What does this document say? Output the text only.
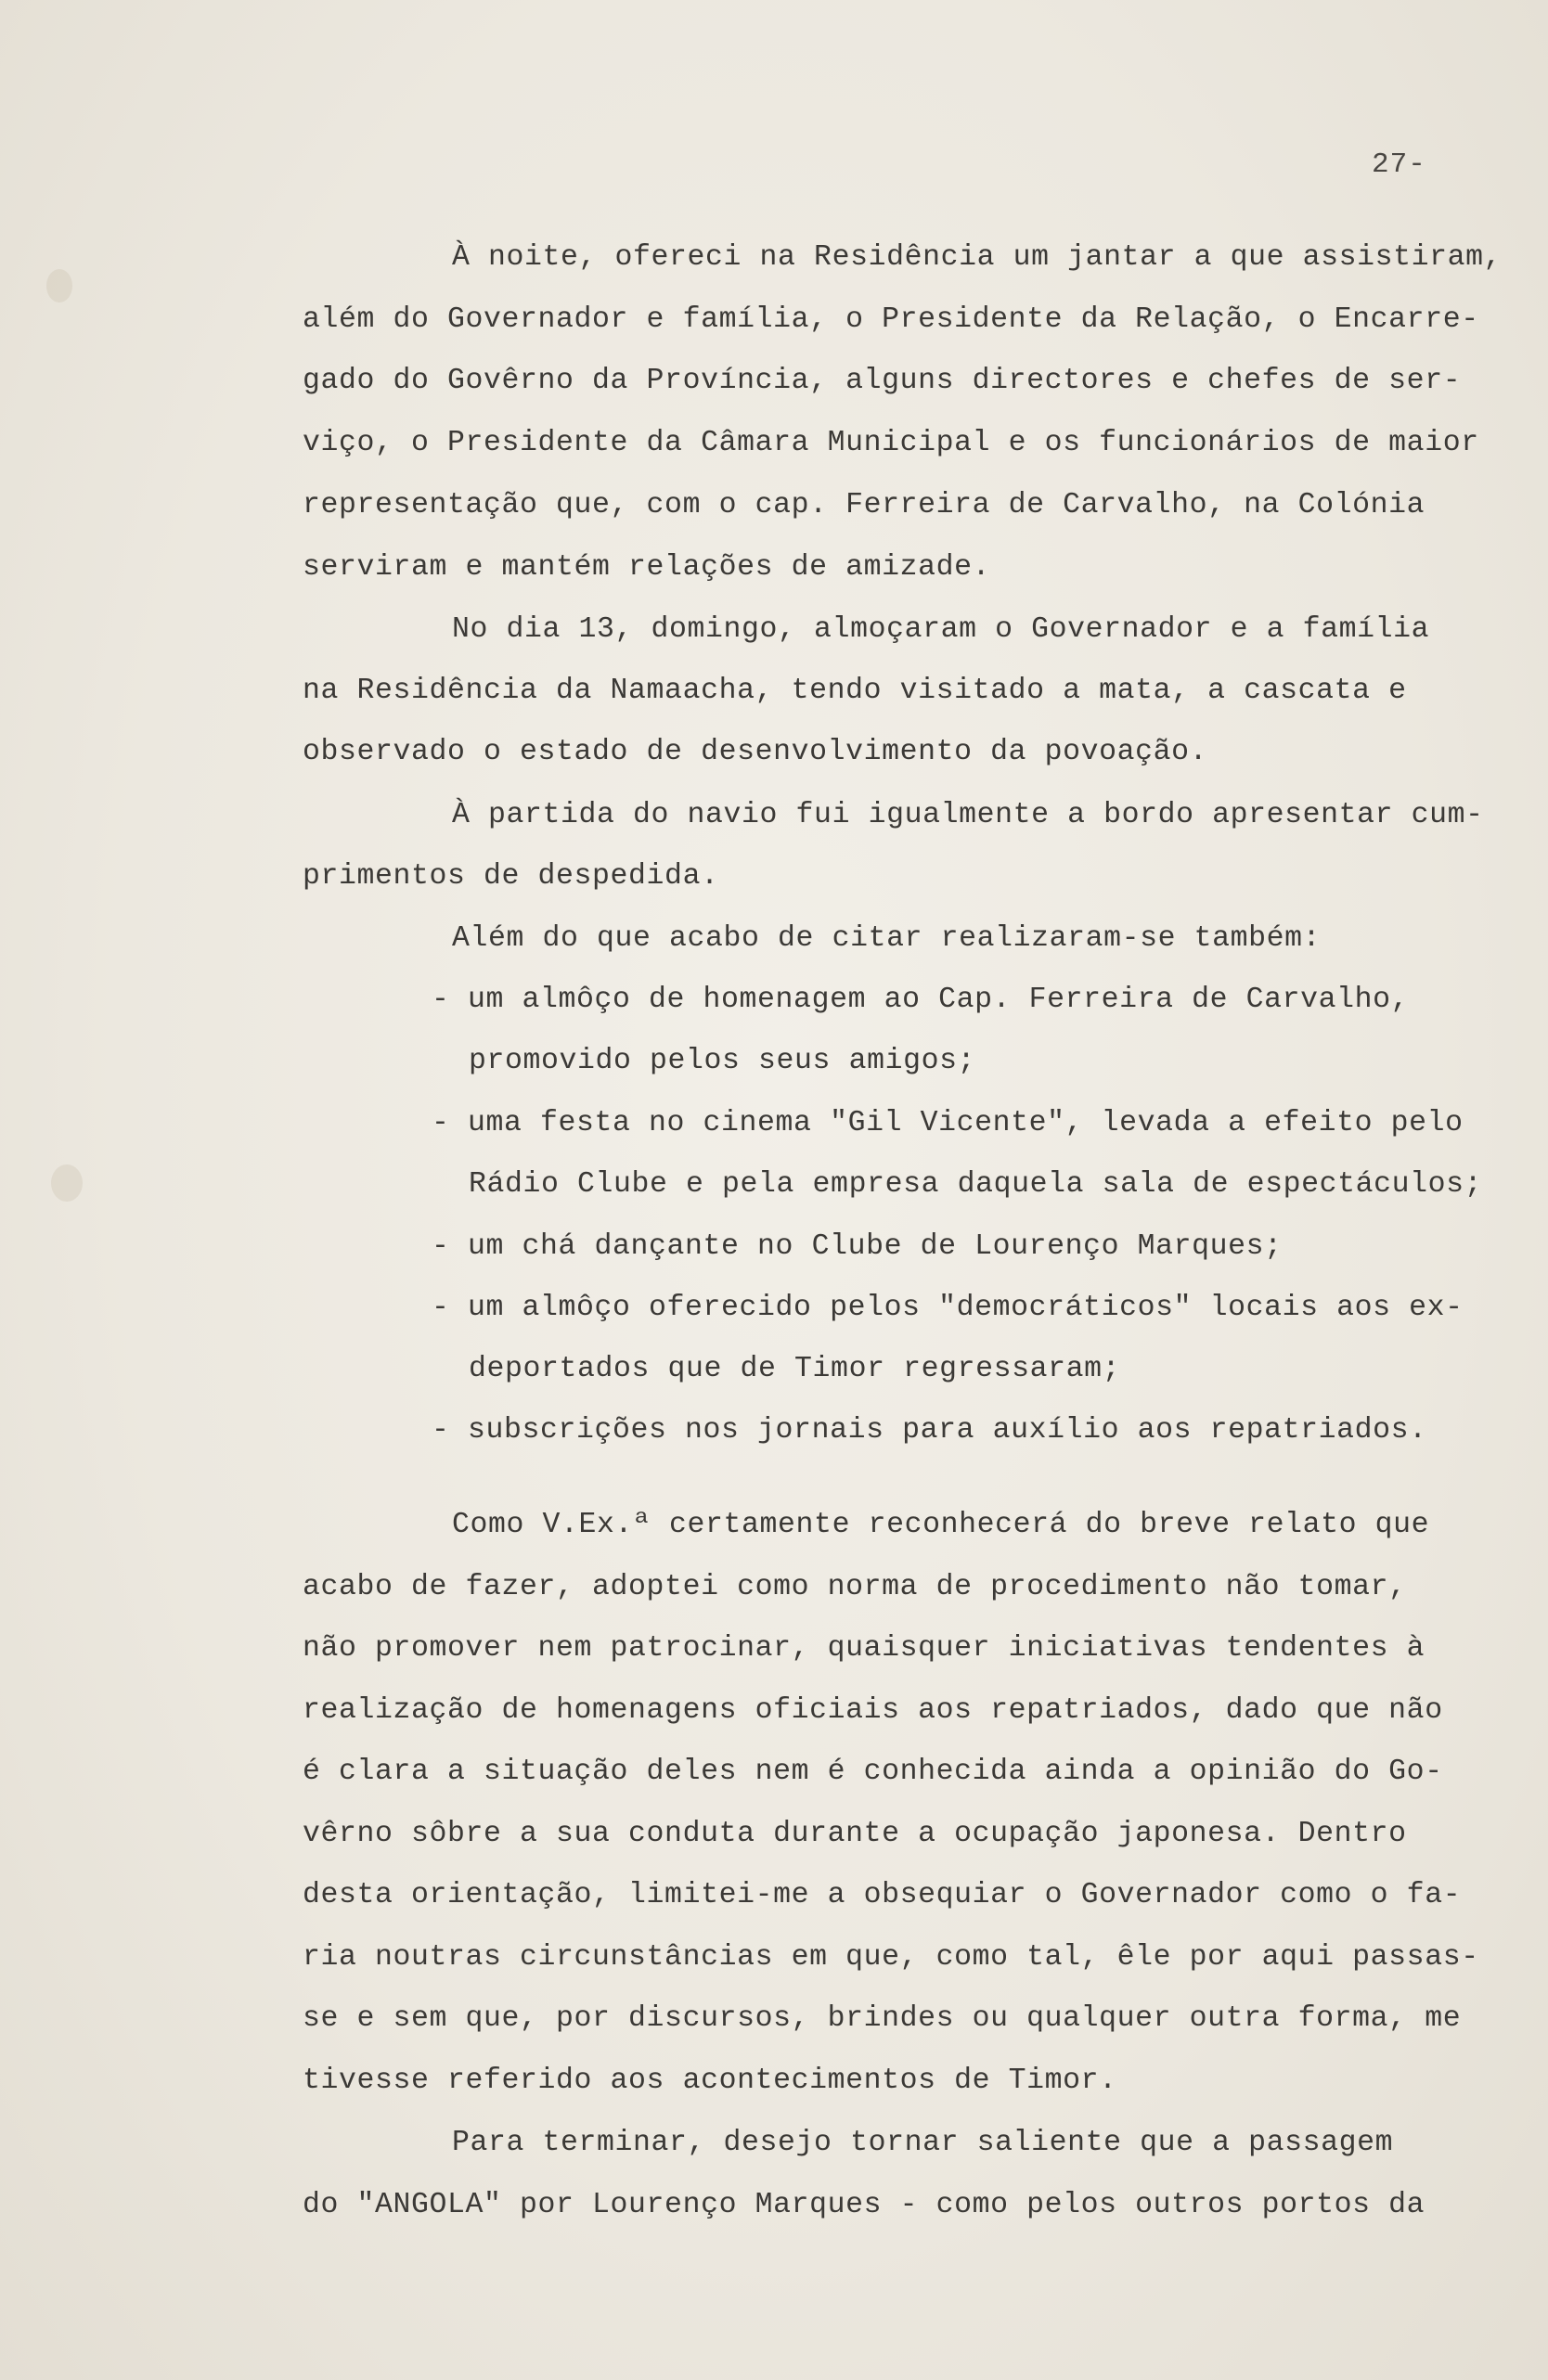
27-
À noite, ofereci na Residência um jantar a que assistiram,
além do Governador e família, o Presidente da Relação, o Encarre-
gado do Govêrno da Província, alguns directores e chefes de ser-
viço, o Presidente da Câmara Municipal e os funcionários de maior
representação que, com o cap. Ferreira de Carvalho, na Colónia
serviram e mantém relações de amizade.
No dia 13, domingo, almoçaram o Governador e a família
na Residência da Namaacha, tendo visitado a mata, a cascata e
observado o estado de desenvolvimento da povoação.
À partida do navio fui igualmente a bordo apresentar cum-
primentos de despedida.
Além do que acabo de citar realizaram-se também:
- um almôço de homenagem ao Cap. Ferreira de Carvalho,
promovido pelos seus amigos;
- uma festa no cinema "Gil Vicente", levada a efeito pelo
Rádio Clube e pela empresa daquela sala de espectáculos;
- um chá dançante no Clube de Lourenço Marques;
- um almôço oferecido pelos "democráticos" locais aos ex-
deportados que de Timor regressaram;
- subscrições nos jornais para auxílio aos repatriados.
Como V.Ex.ª certamente reconhecerá do breve relato que
acabo de fazer, adoptei como norma de procedimento não tomar,
não promover nem patrocinar, quaisquer iniciativas tendentes à
realização de homenagens oficiais aos repatriados, dado que não
é clara a situação deles nem é conhecida ainda a opinião do Go-
vêrno sôbre a sua conduta durante a ocupação japonesa. Dentro
desta orientação, limitei-me a obsequiar o Governador como o fa-
ria noutras circunstâncias em que, como tal, êle por aqui passas-
se e sem que, por discursos, brindes ou qualquer outra forma, me
tivesse referido aos acontecimentos de Timor.
Para terminar, desejo tornar saliente que a passagem
do "ANGOLA" por Lourenço Marques - como pelos outros portos da
